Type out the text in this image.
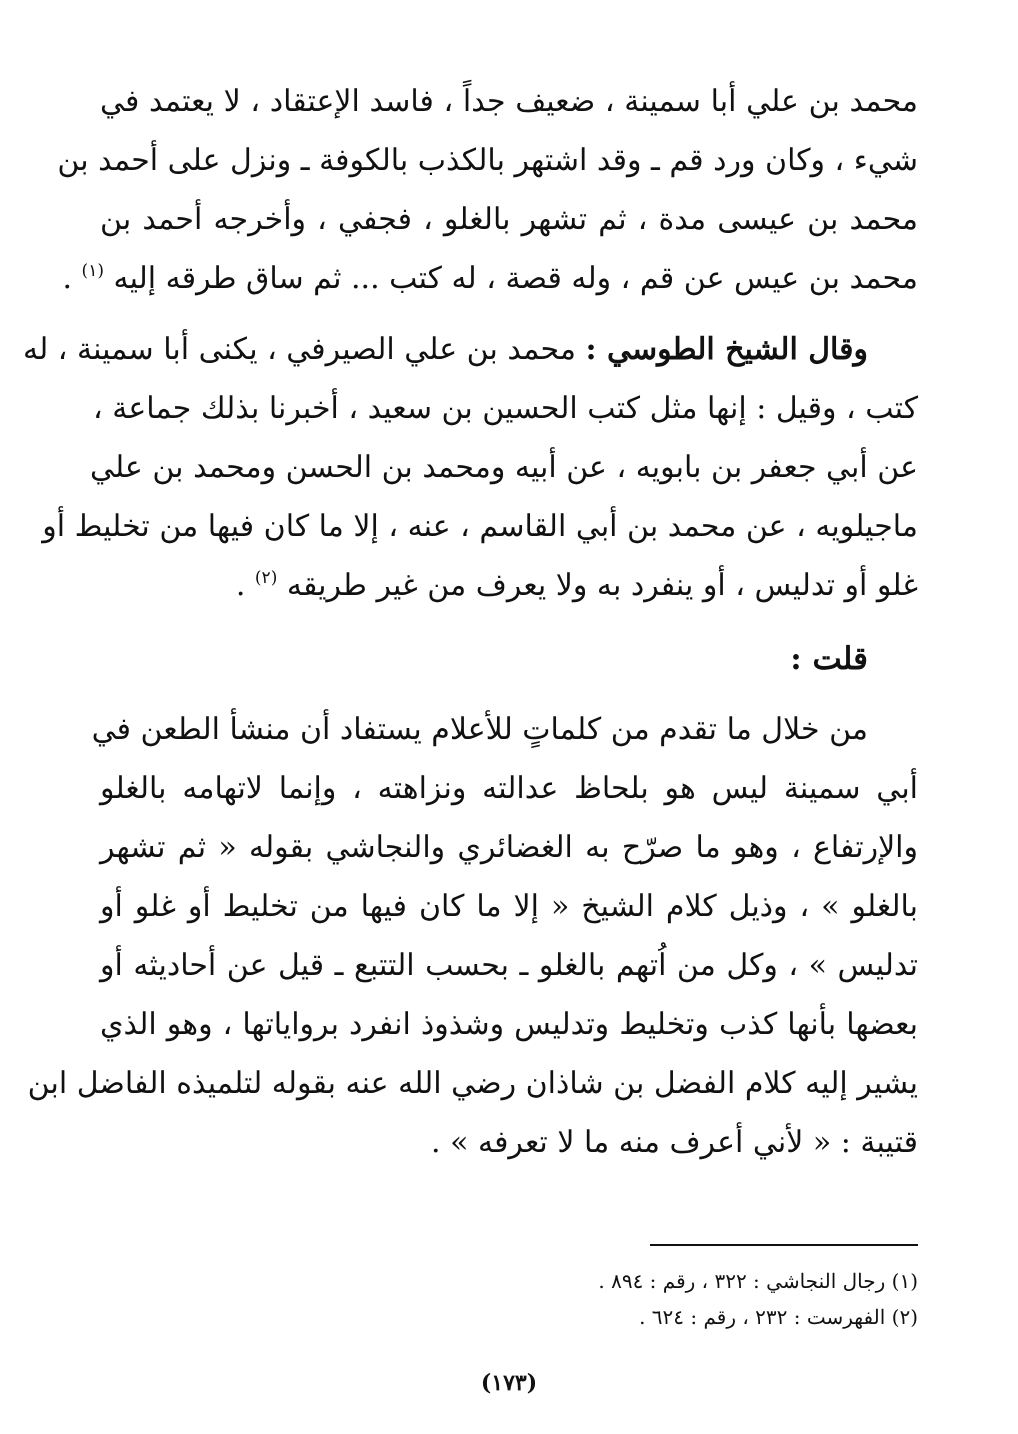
محمد بن علي أبا سمينة ، ضعيف جداً ، فاسد الإعتقاد ، لا يعتمد في
شيء ، وكان ورد قم ـ وقد اشتهر بالكذب بالكوفة ـ ونزل على أحمد بن
محمد بن عيسى مدة ، ثم تشهر بالغلو ، فجفي ، وأخرجه أحمد بن
محمد بن عيس عن قم ، وله قصة ، له كتب ... ثم ساق طرقه إليه $^{(١)}$ .
وقال الشيخ الطوسي : محمد بن علي الصيرفي ، يكنى أبا سمينة ، له
كتب ، وقيل : إنها مثل كتب الحسين بن سعيد ، أخبرنا بذلك جماعة ،
عن أبي جعفر بن بابويه ، عن أبيه ومحمد بن الحسن ومحمد بن علي
ماجيلويه ، عن محمد بن أبي القاسم ، عنه ، إلا ما كان فيها من تخليط أو
غلو أو تدليس ، أو ينفرد به ولا يعرف من غير طريقه $^{(٢)}$ .
قلت :
من خلال ما تقدم من كلماتٍ للأعلام يستفاد أن منشأ الطعن في
أبي سمينة ليس هو بلحاظ عدالته ونزاهته ، وإنما لاتهامه بالغلو
والإرتفاع ، وهو ما صرّح به الغضائري والنجاشي بقوله « ثم تشهر
بالغلو » ، وذيل كلام الشيخ « إلا ما كان فيها من تخليط أو غلو أو
تدليس » ، وكل من اُتهم بالغلو ـ بحسب التتبع ـ قيل عن أحاديثه أو
بعضها بأنها كذب وتخليط وتدليس وشذوذ انفرد برواياتها ، وهو الذي
يشير إليه كلام الفضل بن شاذان رضي الله عنه بقوله لتلميذه الفاضل ابن
قتيبة : « لأني أعرف منه ما لا تعرفه » .
(١) رجال النجاشي : ٣٢٢ ، رقم : ٨٩٤ .
(٢) الفهرست : ٢٣٢ ، رقم : ٦٢٤ .
(١٧٣)
